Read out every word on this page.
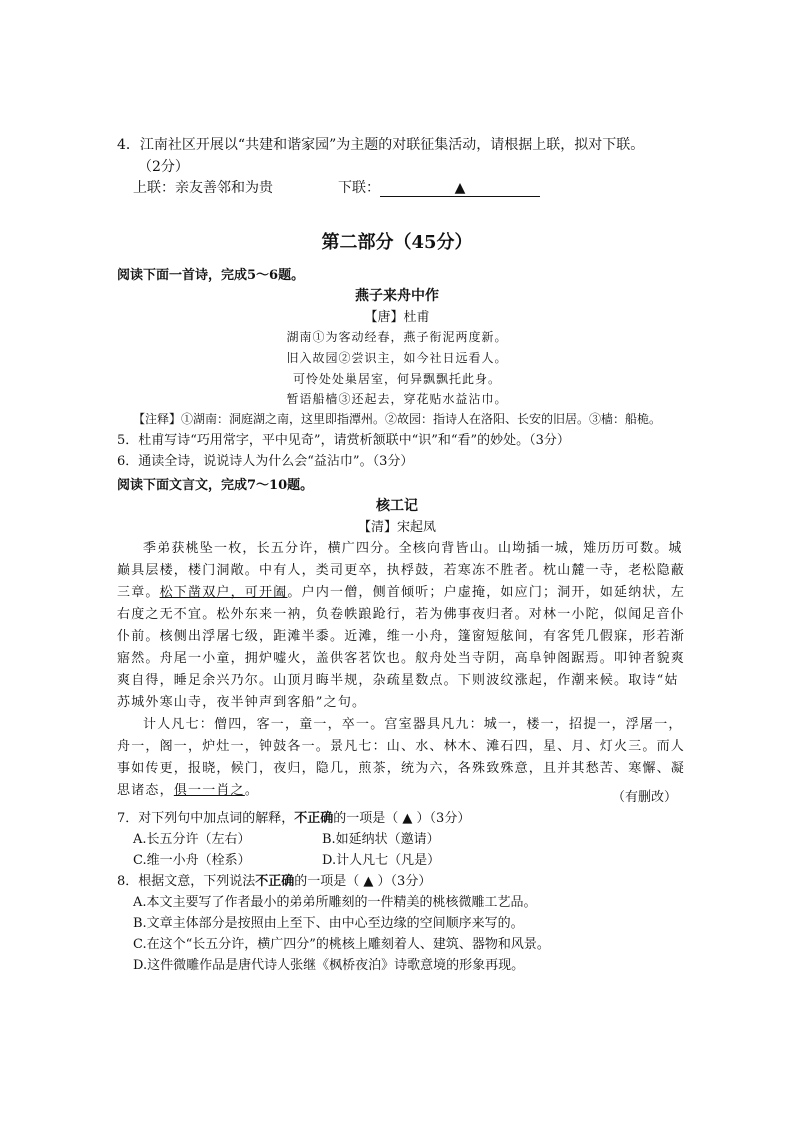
4．江南社区开展以“共建和谐家园”为主题的对联征集活动，请根据上联，拟对下联。
（2分）
上联：亲友善邻和为贵	下联：	▲
第二部分（45分）
阅读下面一首诗，完成5～6题。
燕子来舟中作
【唐】杜甫
湖南①为客动经春，燕子衔泥两度新。
旧入故园②尝识主，如今社日远看人。
可怜处处巢居室，何异飘飘托此身。
暂语船樯③还起去，穿花贴水益沾巾。
【注释】①湖南：洞庭湖之南，这里即指潭州。②故园：指诗人在洛阳、长安的旧居。③樯：船桅。
5．杜甫写诗“巧用常字，平中见奇”，请赏析颔联中“识”和“看”的妙处。（3分）
6．通读全诗，说说诗人为什么会“益沾巾”。（3分）
阅读下面文言文，完成7～10题。
核工记
【清】宋起凤
季弟获桃坠一枚，长五分许，横广四分。全核向背皆山。山坳插一城，雉历历可数。城
巅具层楼，楼门洞敞。中有人，类司更卒，执桴鼓，若寒冻不胜者。枕山麓一寺，老松隐蔽
三章。松下凿双户，可开阖。户内一僧，侧首倾听；户虚掩，如应门；洞开，如延纳状，左
右度之无不宜。松外东来一衲，负卷帙踉跄行，若为佛事夜归者。对林一小陀，似闻足音仆
仆前。核侧出浮屠七级，距滩半黍。近滩，维一小舟，篷窗短舷间，有客凭几假寐，形若渐
寤然。舟尾一小童，拥炉嘘火，盖供客茗饮也。舣舟处当寺阴，高阜钟阁踞焉。叩钟者貌爽
爽自得，睡足余兴乃尔。山顶月晦半规，杂疏星数点。下则波纹涨起，作潮来候。取诗“姑
苏城外寒山寺，夜半钟声到客船”之句。
计人凡七：僧四，客一，童一，卒一。宫室器具凡九：城一，楼一，招提一，浮屠一，
舟一，阁一，炉灶一，钟鼓各一。景凡七：山、水、林木、滩石四，星、月、灯火三。而人
事如传更，报晓，候门，夜归，隐几，煎茶，统为六，各殊致殊意，且并其愁苦、寒懈、凝
思诸态，俱一一肖之。	（有删改）
7．对下列句中加点词的解释，不正确的一项是（ ▲ ）（3分）
A.长五分许（左右）	B.如延纳状（邀请）
C.维一小舟（栓系）	D.计人凡七（凡是）
8．根据文意，下列说法不正确的一项是（ ▲ ）（3分）
A.本文主要写了作者最小的弟弟所雕刻的一件精美的桃核微雕工艺品。
B.文章主体部分是按照由上至下、由中心至边缘的空间顺序来写的。
C.在这个“长五分许，横广四分”的桃核上雕刻着人、建筑、器物和风景。
D.这件微雕作品是唐代诗人张继《枫桥夜泊》诗歌意境的形象再现。
